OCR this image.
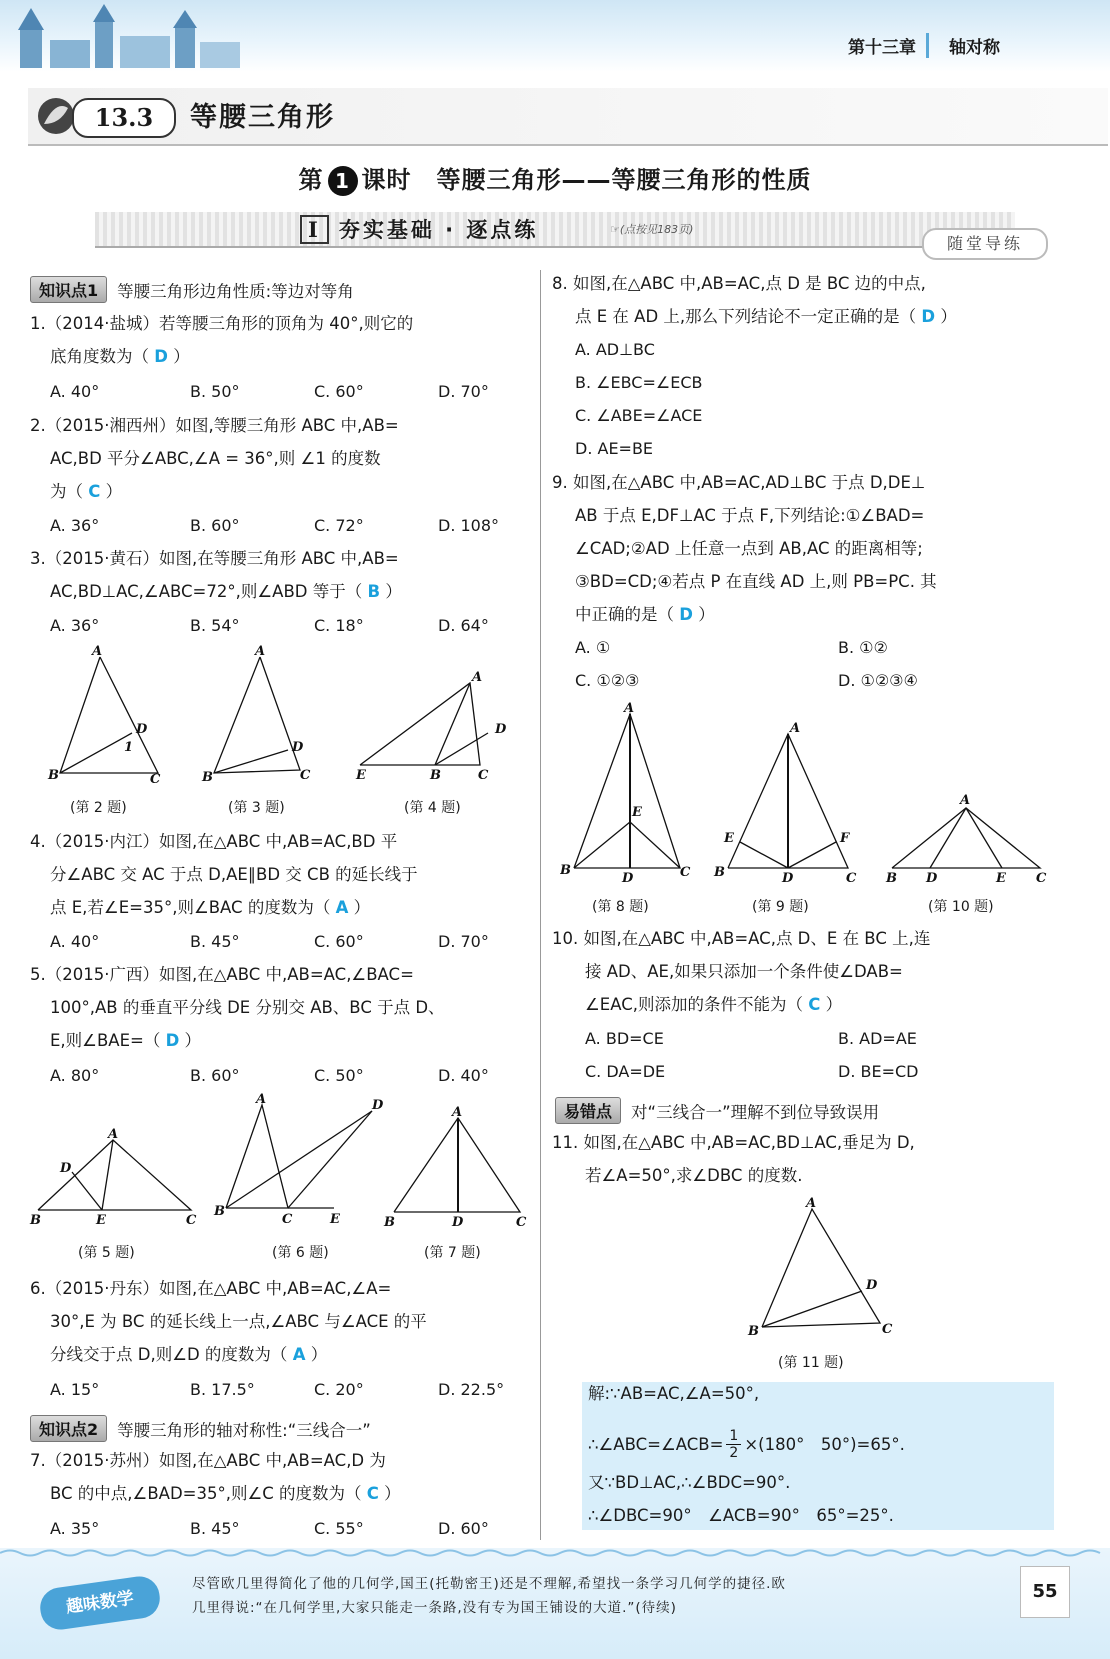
第十三章	轴对称
13.3	等腰三角形
第 1 课时　等腰三角形——等腰三角形的性质
Ⅰ 夯实基础 · 逐点练	☞(点按见183页)
随堂导练
知识点1	等腰三角形边角性质:等边对等角
1.（2014·盐城）若等腰三角形的顶角为 40°,则它的
底角度数为（ D ）
A. 40°	B. 50°	C. 60°	D. 70°
2.（2015·湘西州）如图,等腰三角形 ABC 中,AB=
AC,BD 平分∠ABC,∠A = 36°,则 ∠1 的度数
为（ C ）
A. 36°	B. 60°	C. 72°	D. 108°
3.（2015·黄石）如图,在等腰三角形 ABC 中,AB=
AC,BD⊥AC,∠ABC=72°,则∠ABD 等于（ B ）
A. 36°	B. 54°	C. 18°	D. 64°
A
B	C
D
1
A
B	C
D
A
B	C
D
E
(第 2 题)	(第 3 题)	(第 4 题)
4.（2015·内江）如图,在△ABC 中,AB=AC,BD 平
分∠ABC 交 AC 于点 D,AE∥BD 交 CB 的延长线于
点 E,若∠E=35°,则∠BAC 的度数为（ A ）
A. 40°	B. 45°	C. 60°	D. 70°
5.（2015·广西）如图,在△ABC 中,AB=AC,∠BAC=
100°,AB 的垂直平分线 DE 分别交 AB、BC 于点 D、
E,则∠BAE=（ D ）
A. 80°	B. 60°	C. 50°	D. 40°
A
B	C
D
E
A
B
C
D
E
A
B	C
D
(第 5 题)	(第 6 题)	(第 7 题)
6.（2015·丹东）如图,在△ABC 中,AB=AC,∠A=
30°,E 为 BC 的延长线上一点,∠ABC 与∠ACE 的平
分线交于点 D,则∠D 的度数为（ A ）
A. 15°	B. 17.5°	C. 20°	D. 22.5°
知识点2	等腰三角形的轴对称性:“三线合一”
7.（2015·苏州）如图,在△ABC 中,AB=AC,D 为
BC 的中点,∠BAD=35°,则∠C 的度数为（ C ）
A. 35°	B. 45°	C. 55°	D. 60°
8. 如图,在△ABC 中,AB=AC,点 D 是 BC 边的中点,
点 E 在 AD 上,那么下列结论不一定正确的是（ D ）
A. AD⊥BC
B. ∠EBC=∠ECB
C. ∠ABE=∠ACE
D. AE=BE
9. 如图,在△ABC 中,AB=AC,AD⊥BC 于点 D,DE⊥
AB 于点 E,DF⊥AC 于点 F,下列结论:①∠BAD=
∠CAD;②AD 上任意一点到 AB,AC 的距离相等;
③BD=CD;④若点 P 在直线 AD 上,则 PB=PC. 其
中正确的是（ D ）
A. ①	B. ①②
C. ①②③	D. ①②③④
A
B	C
D
E
A
B	C
D
E	F
A
B	C
D	E
(第 8 题)	(第 9 题)	(第 10 题)
10. 如图,在△ABC 中,AB=AC,点 D、E 在 BC 上,连
接 AD、AE,如果只添加一个条件使∠DAB=
∠EAC,则添加的条件不能为（ C ）
A. BD=CE	B. AD=AE
C. DA=DE	D. BE=CD
易错点	对“三线合一”理解不到位导致误用
11. 如图,在△ABC 中,AB=AC,BD⊥AC,垂足为 D,
若∠A=50°,求∠DBC 的度数.
A
B	C
D
(第 11 题)
解:∵AB=AC,∠A=50°,
∴∠ABC=∠ACB= $\frac{1}{2} \times(180^\circ$　50°)=65°.
又∵BD⊥AC,∴∠BDC=90°.
∴∠DBC=90°　∠ACB=90°　65°=25°.
趣味数学
尽管欧几里得简化了他的几何学,国王(托勒密王)还是不理解,希望找一条学习几何学的捷径.欧
几里得说:“在几何学里,大家只能走一条路,没有专为国王铺设的大道.”(待续)
55
